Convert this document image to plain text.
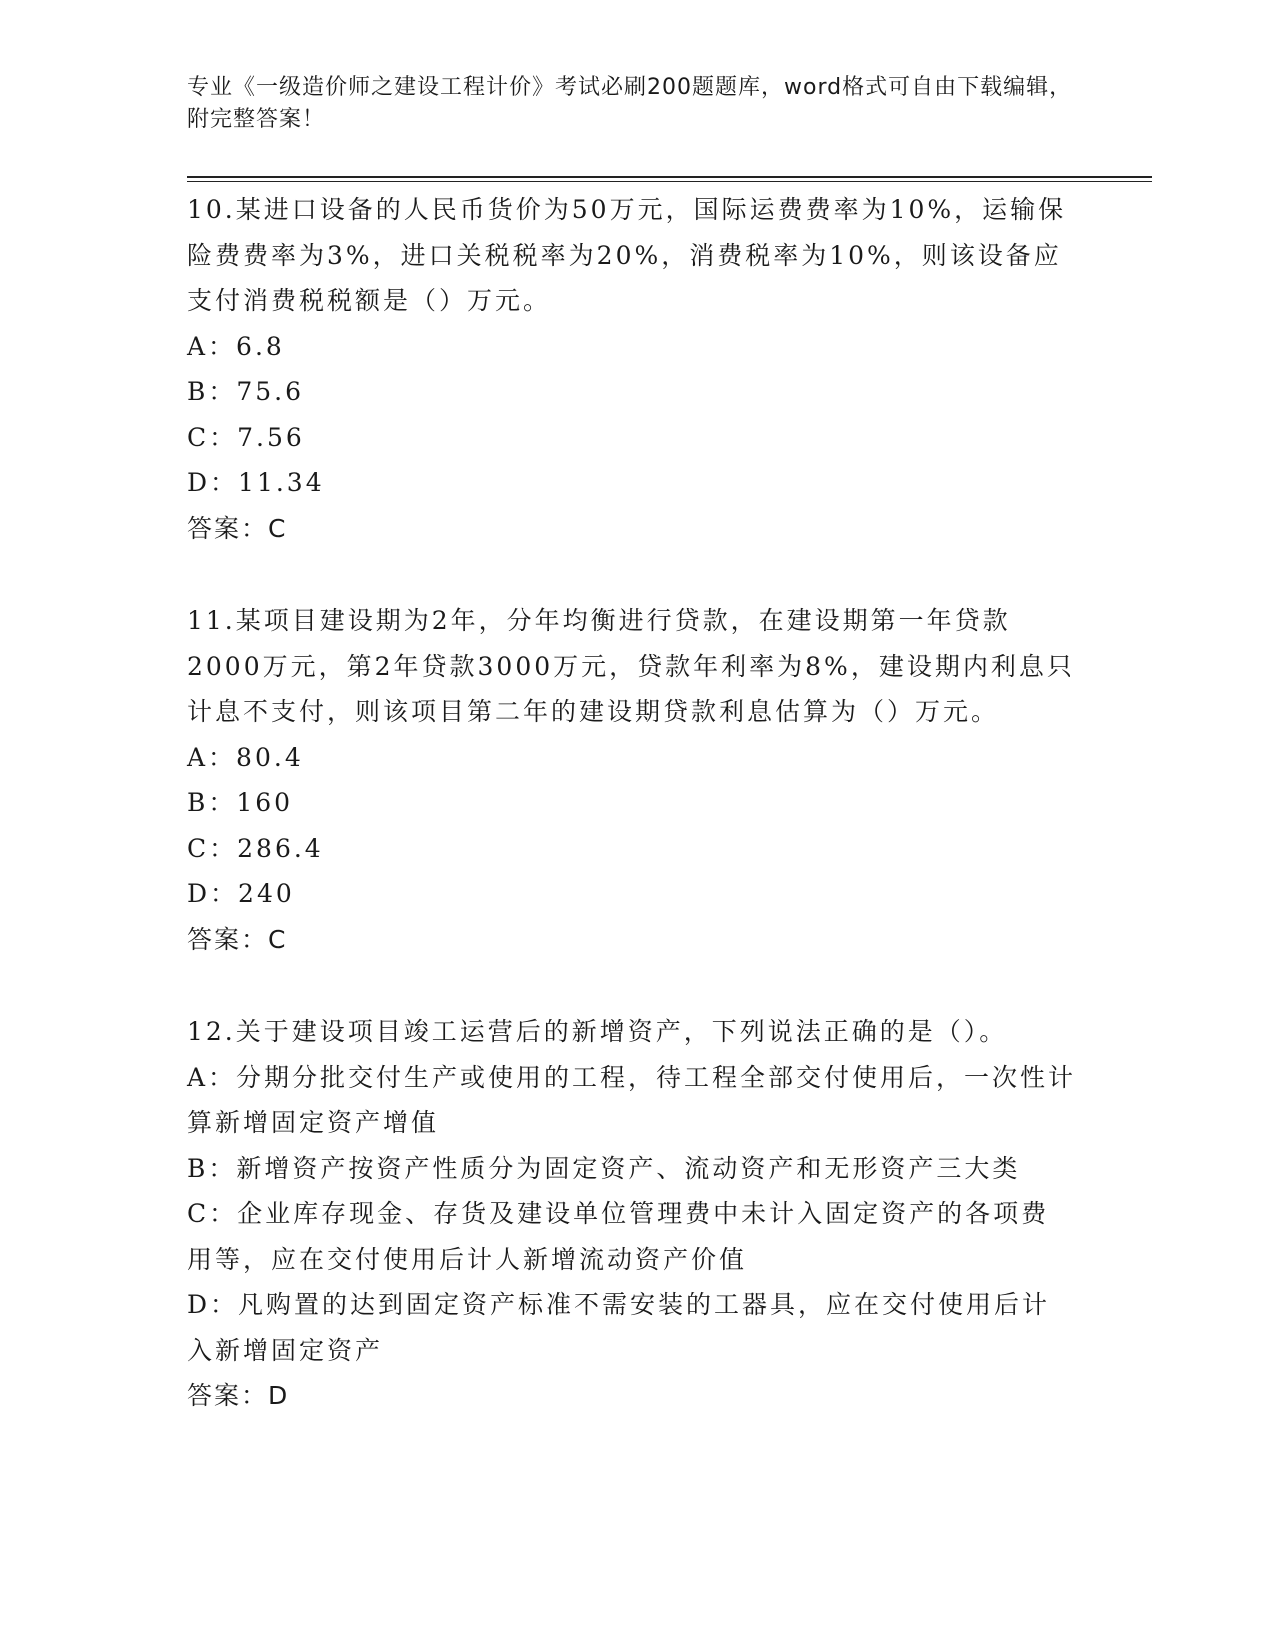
专业《一级造价师之建设工程计价》考试必刷200题题库，word格式可自由下载编辑，附完整答案！

10.某进口设备的人民币货价为50万元，国际运费费率为10%，运输保险费费率为3%，进口关税税率为20%，消费税率为10%，则该设备应支付消费税税额是（）万元。

A：6.8

B：75.6

C：7.56

D：11.34

答案：C

11.某项目建设期为2年，分年均衡进行贷款，在建设期第一年贷款2000万元，第2年贷款3000万元，贷款年利率为8%，建设期内利息只计息不支付，则该项目第二年的建设期贷款利息估算为（）万元。

A：80.4

B：160

C：286.4

D：240

答案：C

12.关于建设项目竣工运营后的新增资产，下列说法正确的是（）。

A：分期分批交付生产或使用的工程，待工程全部交付使用后，一次性计算新增固定资产增值

B：新增资产按资产性质分为固定资产、流动资产和无形资产三大类

C：企业库存现金、存货及建设单位管理费中未计入固定资产的各项费用等，应在交付使用后计人新增流动资产价值

D：凡购置的达到固定资产标准不需安装的工器具，应在交付使用后计入新增固定资产

答案：D
